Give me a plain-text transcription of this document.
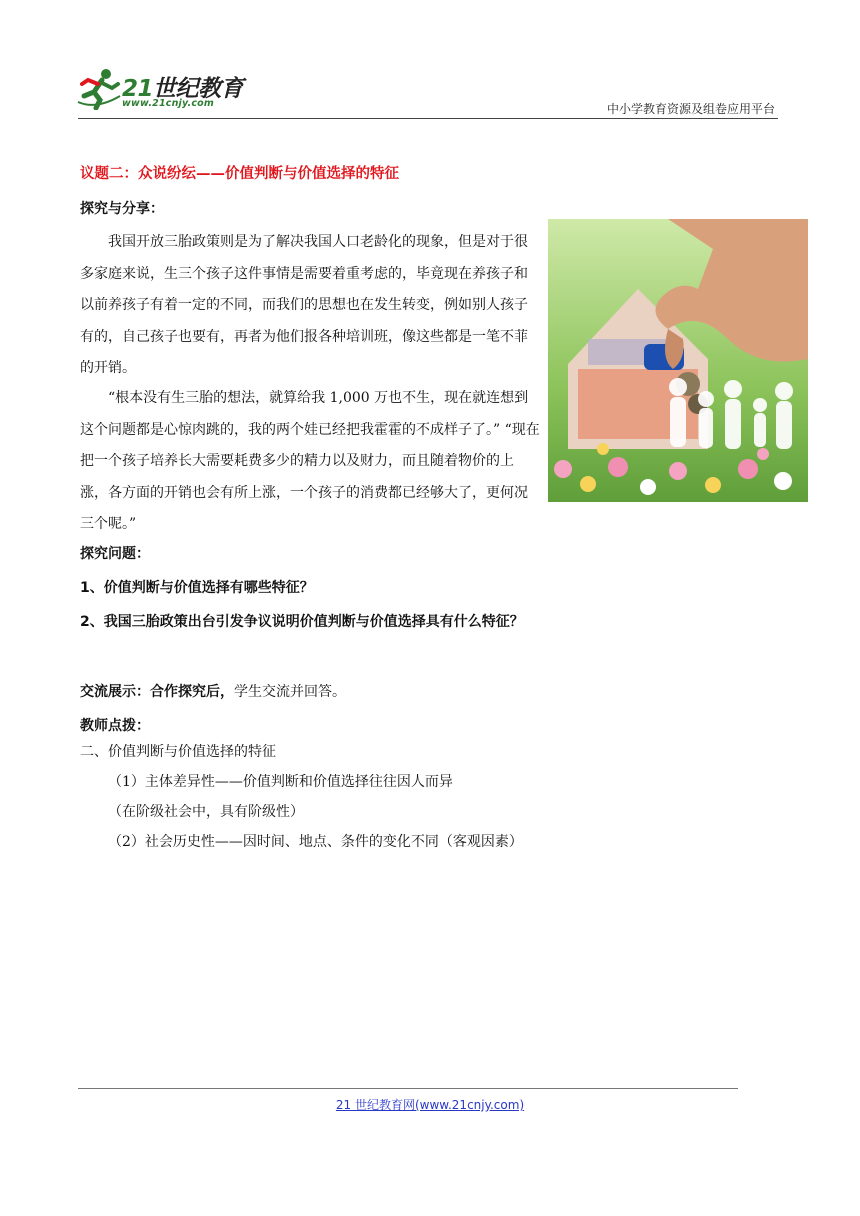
21世纪教育
www.21cnjy.com	中小学教育资源及组卷应用平台
议题二：众说纷纭——价值判断与价值选择的特征
探究与分享：

我国开放三胎政策则是为了解决我国人口老龄化的现象，但是对于很多家庭来说，生三个孩子这件事情是需要着重考虑的，毕竟现在养孩子和以前养孩子有着一定的不同，而我们的思想也在发生转变，例如别人孩子有的，自己孩子也要有，再者为他们报各种培训班，像这些都是一笔不菲的开销。

“根本没有生三胎的想法，就算给我 1,000 万也不生，现在就连想到这个问题都是心惊肉跳的，我的两个娃已经把我霍霍的不成样子了。” “现在把一个孩子培养长大需要耗费多少的精力以及财力，而且随着物价的上涨，各方面的开销也会有所上涨，一个孩子的消费都已经够大了，更何况三个呢。”

探究问题：
1、价值判断与价值选择有哪些特征？
2、我国三胎政策出台引发争议说明价值判断与价值选择具有什么特征？
交流展示：合作探究后，学生交流并回答。
教师点拨：
二、价值判断与价值选择的特征
（1）主体差异性——价值判断和价值选择往往因人而异
（在阶级社会中，具有阶级性）
（2）社会历史性——因时间、地点、条件的变化不同（客观因素）
21 世纪教育网(www.21cnjy.com)
